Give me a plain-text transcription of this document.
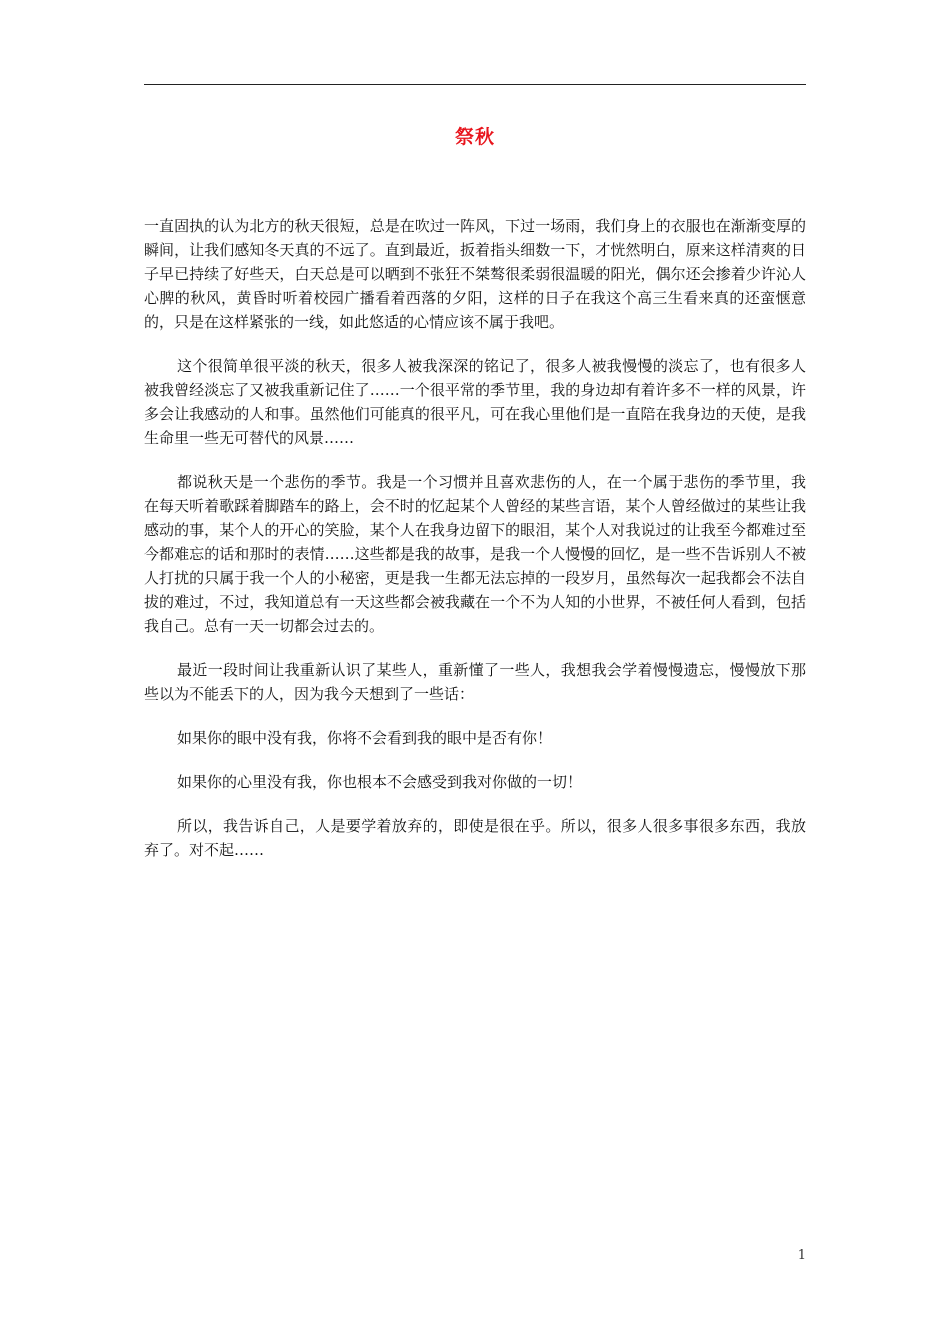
祭秋

一直固执的认为北方的秋天很短，总是在吹过一阵风，下过一场雨，我们身上的衣服也在渐渐变厚的瞬间，让我们感知冬天真的不远了。直到最近，扳着指头细数一下，才恍然明白，原来这样清爽的日子早已持续了好些天，白天总是可以晒到不张狂不桀骜很柔弱很温暖的阳光，偶尔还会掺着少许沁人心脾的秋风，黄昏时听着校园广播看着西落的夕阳，这样的日子在我这个高三生看来真的还蛮惬意的，只是在这样紧张的一线，如此悠适的心情应该不属于我吧。

这个很简单很平淡的秋天，很多人被我深深的铭记了，很多人被我慢慢的淡忘了，也有很多人被我曾经淡忘了又被我重新记住了……一个很平常的季节里，我的身边却有着许多不一样的风景，许多会让我感动的人和事。虽然他们可能真的很平凡，可在我心里他们是一直陪在我身边的天使，是我生命里一些无可替代的风景……

都说秋天是一个悲伤的季节。我是一个习惯并且喜欢悲伤的人，在一个属于悲伤的季节里，我在每天听着歌踩着脚踏车的路上，会不时的忆起某个人曾经的某些言语，某个人曾经做过的某些让我感动的事，某个人的开心的笑脸，某个人在我身边留下的眼泪，某个人对我说过的让我至今都难过至今都难忘的话和那时的表情……这些都是我的故事，是我一个人慢慢的回忆，是一些不告诉别人不被人打扰的只属于我一个人的小秘密，更是我一生都无法忘掉的一段岁月，虽然每次一起我都会不法自拔的难过，不过，我知道总有一天这些都会被我藏在一个不为人知的小世界，不被任何人看到，包括我自己。总有一天一切都会过去的。

最近一段时间让我重新认识了某些人，重新懂了一些人，我想我会学着慢慢遗忘，慢慢放下那些以为不能丢下的人，因为我今天想到了一些话：

如果你的眼中没有我，你将不会看到我的眼中是否有你！

如果你的心里没有我，你也根本不会感受到我对你做的一切！

所以，我告诉自己，人是要学着放弃的，即使是很在乎。所以，很多人很多事很多东西，我放弃了。对不起……

1
